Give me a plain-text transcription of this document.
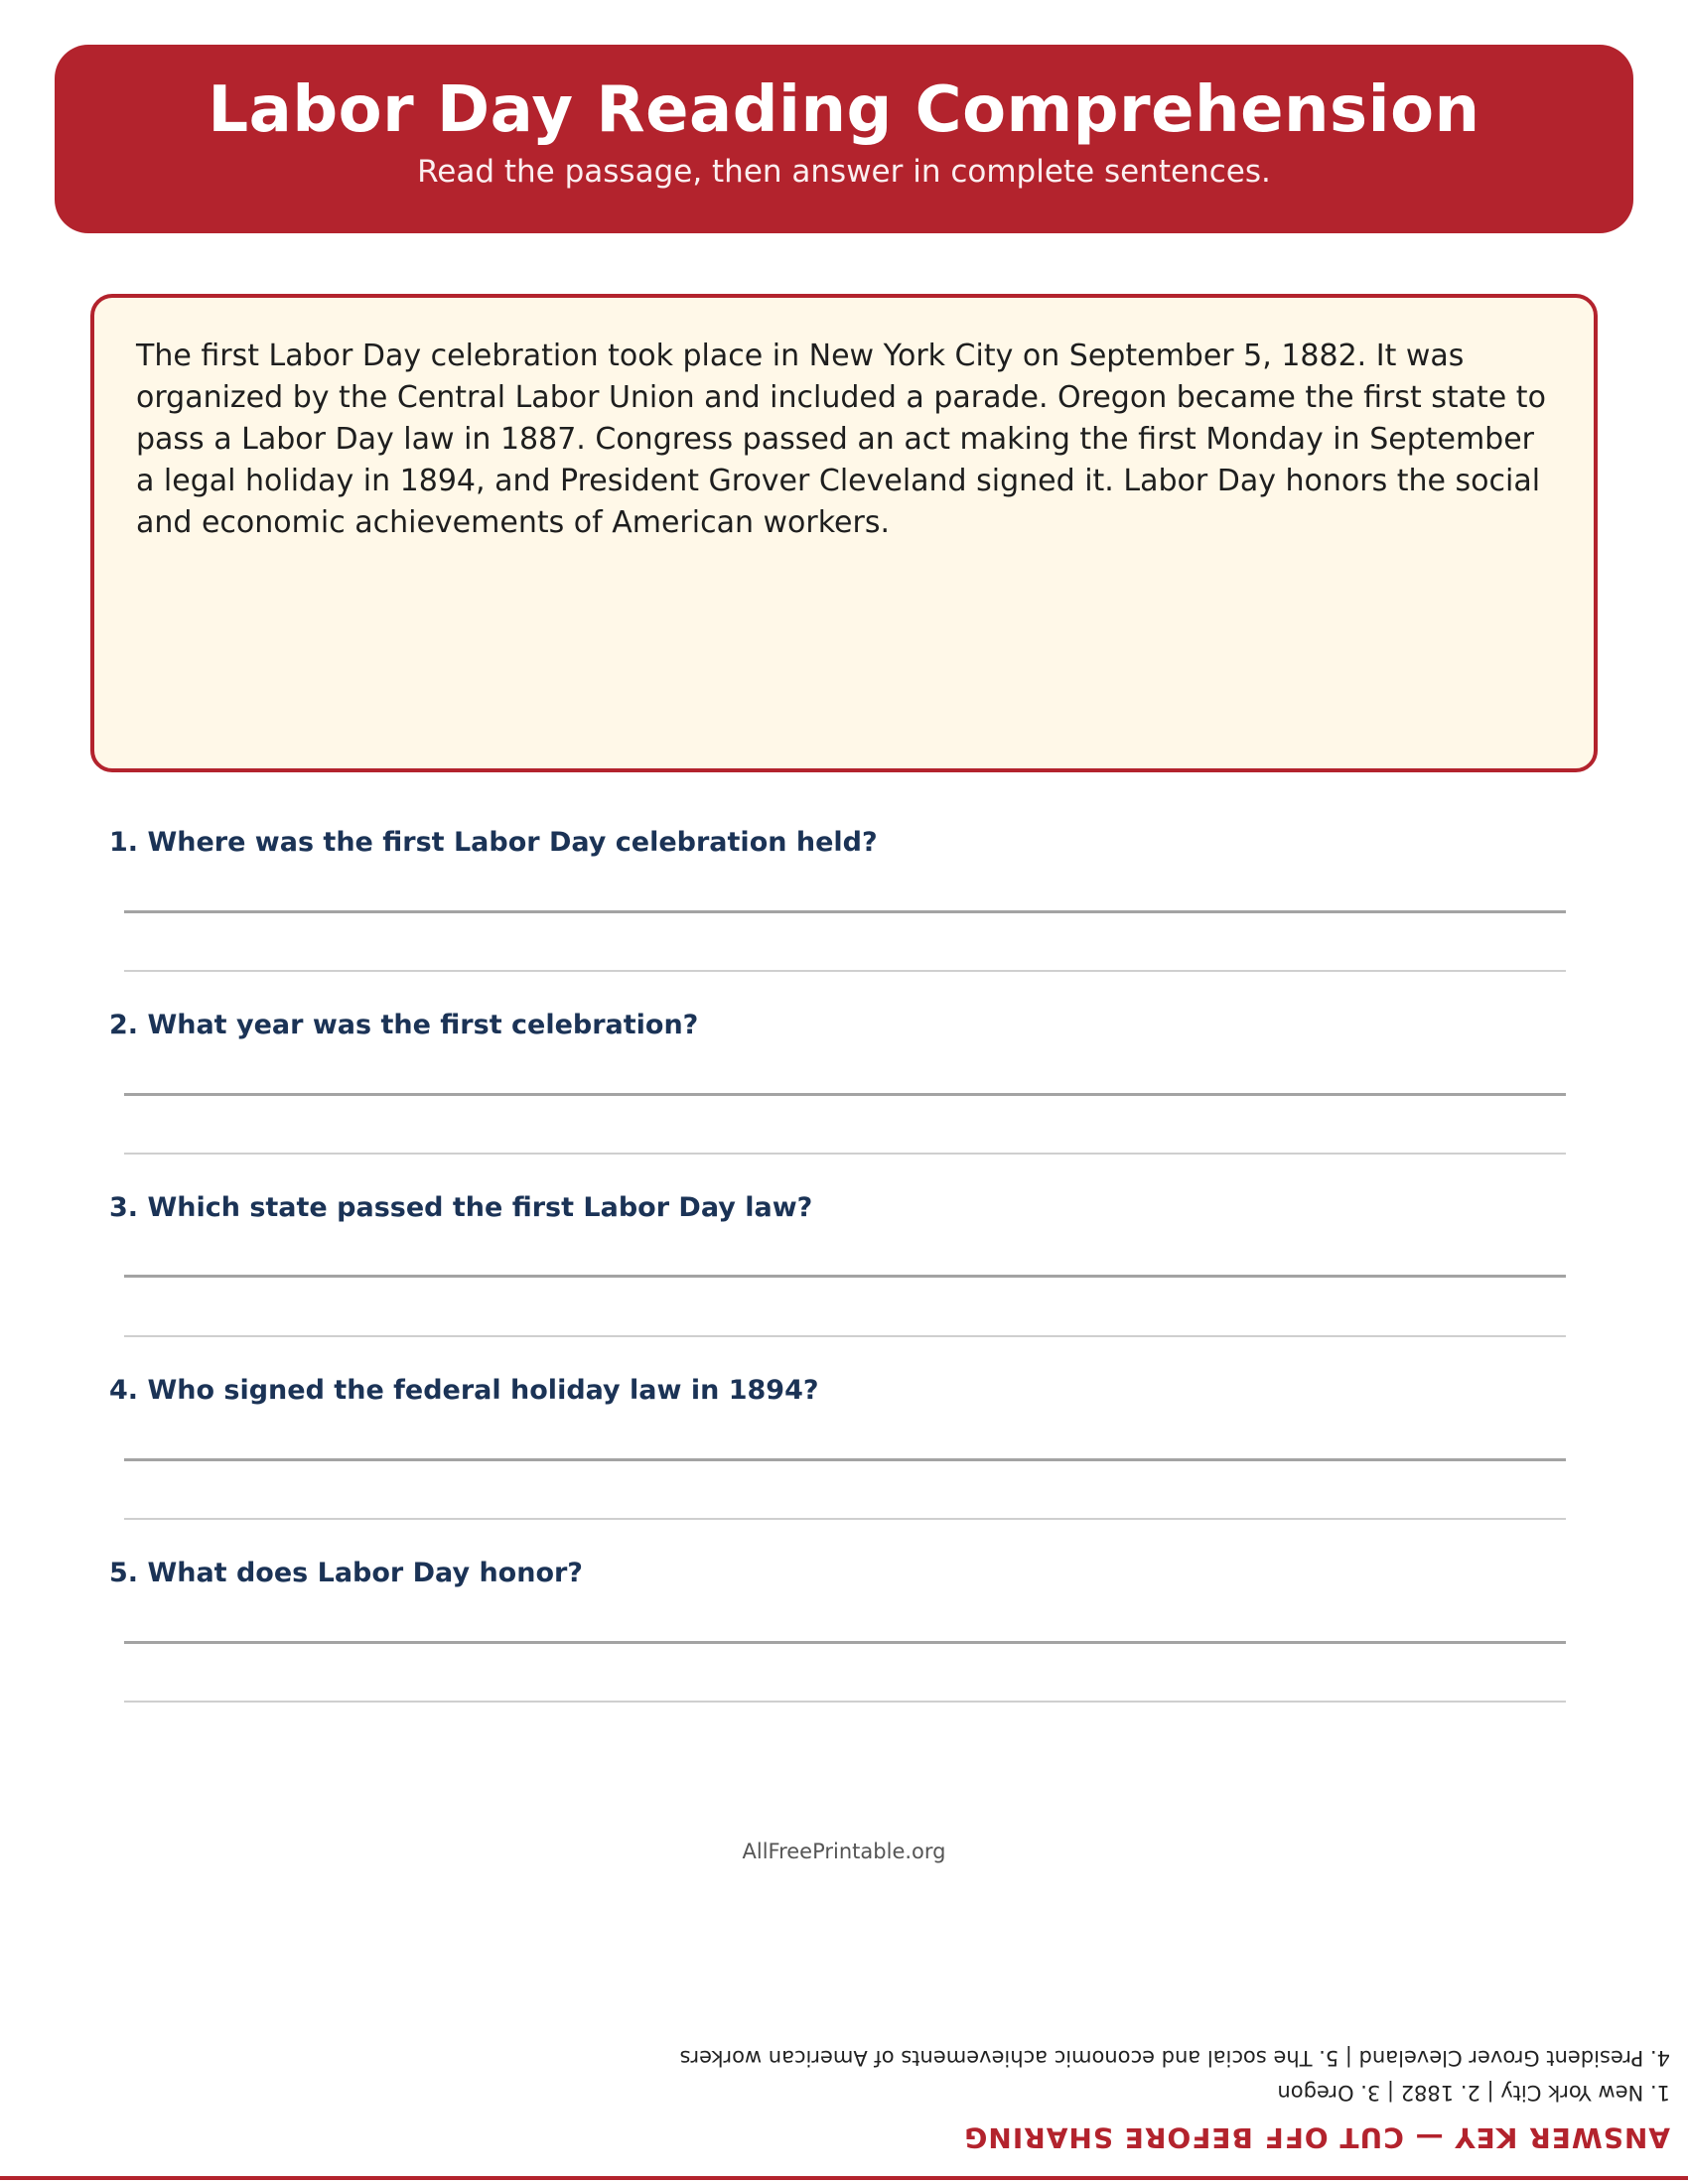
Labor Day Reading Comprehension
Read the passage, then answer in complete sentences.

The first Labor Day celebration took place in New York City on September 5, 1882. It was organized by the Central Labor Union and included a parade. Oregon became the first state to pass a Labor Day law in 1887. Congress passed an act making the first Monday in September a legal holiday in 1894, and President Grover Cleveland signed it. Labor Day honors the social and economic achievements of American workers.

1. Where was the first Labor Day celebration held?
2. What year was the first celebration?
3. Which state passed the first Labor Day law?
4. Who signed the federal holiday law in 1894?
5. What does Labor Day honor?
AllFreePrintable.org
ANSWER KEY — CUT OFF BEFORE SHARING
1. New York City | 2. 1882 | 3. Oregon
4. President Grover Cleveland | 5. The social and economic achievements of American workers
